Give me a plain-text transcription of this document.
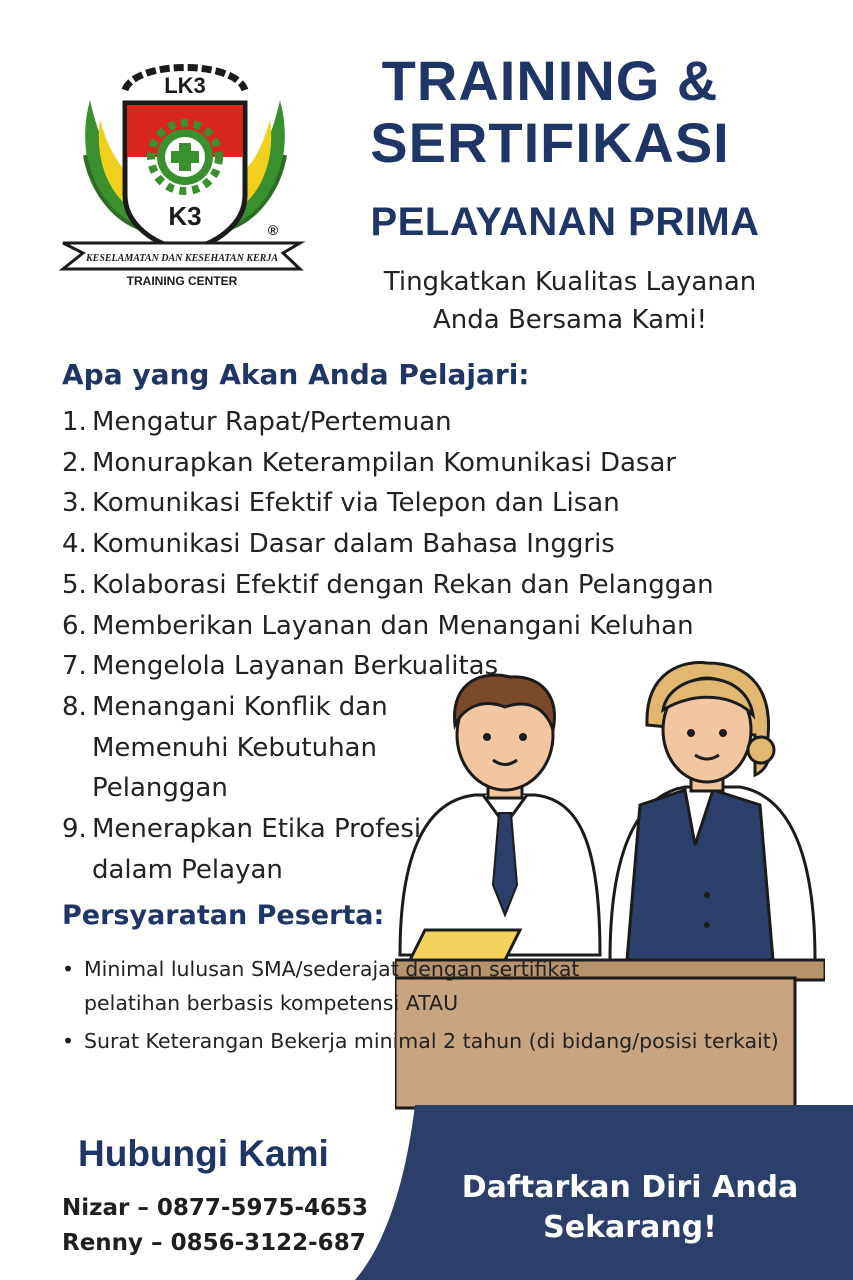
LK3
K3	®
KESELAMATAN DAN KESEHATAN KERJA
TRAINING CENTER
TRAINING &
SERTIFIKASI
PELAYANAN PRIMA
Tingkatkan Kualitas Layanan
Anda Bersama Kami!
Apa yang Akan Anda Pelajari:
1. Mengatur Rapat/Pertemuan
2. Monurapkan Keterampilan Komunikasi Dasar
3. Komunikasi Efektif via Telepon dan Lisan
4. Komunikasi Dasar dalam Bahasa Inggris
5. Kolaborasi Efektif dengan Rekan dan Pelanggan
6. Memberikan Layanan dan Menangani Keluhan
7. Mengelola Layanan Berkualitas
8. Menangani Konflik dan Memenuhi Kebutuhan Pelanggan
9. Menerapkan Etika Profesi dalam Pelayan
Persyaratan Peserta:
• Minimal lulusan SMA/sederajat dengan sertifikat pelatihan berbasis kompetensi ATAU
• Surat Keterangan Bekerja minimal 2 tahun (di bidang/posisi terkait)
Daftarkan Diri Anda
Sekarang!
Hubungi Kami
Nizar – 0877-5975-4653
Renny – 0856-3122-687
